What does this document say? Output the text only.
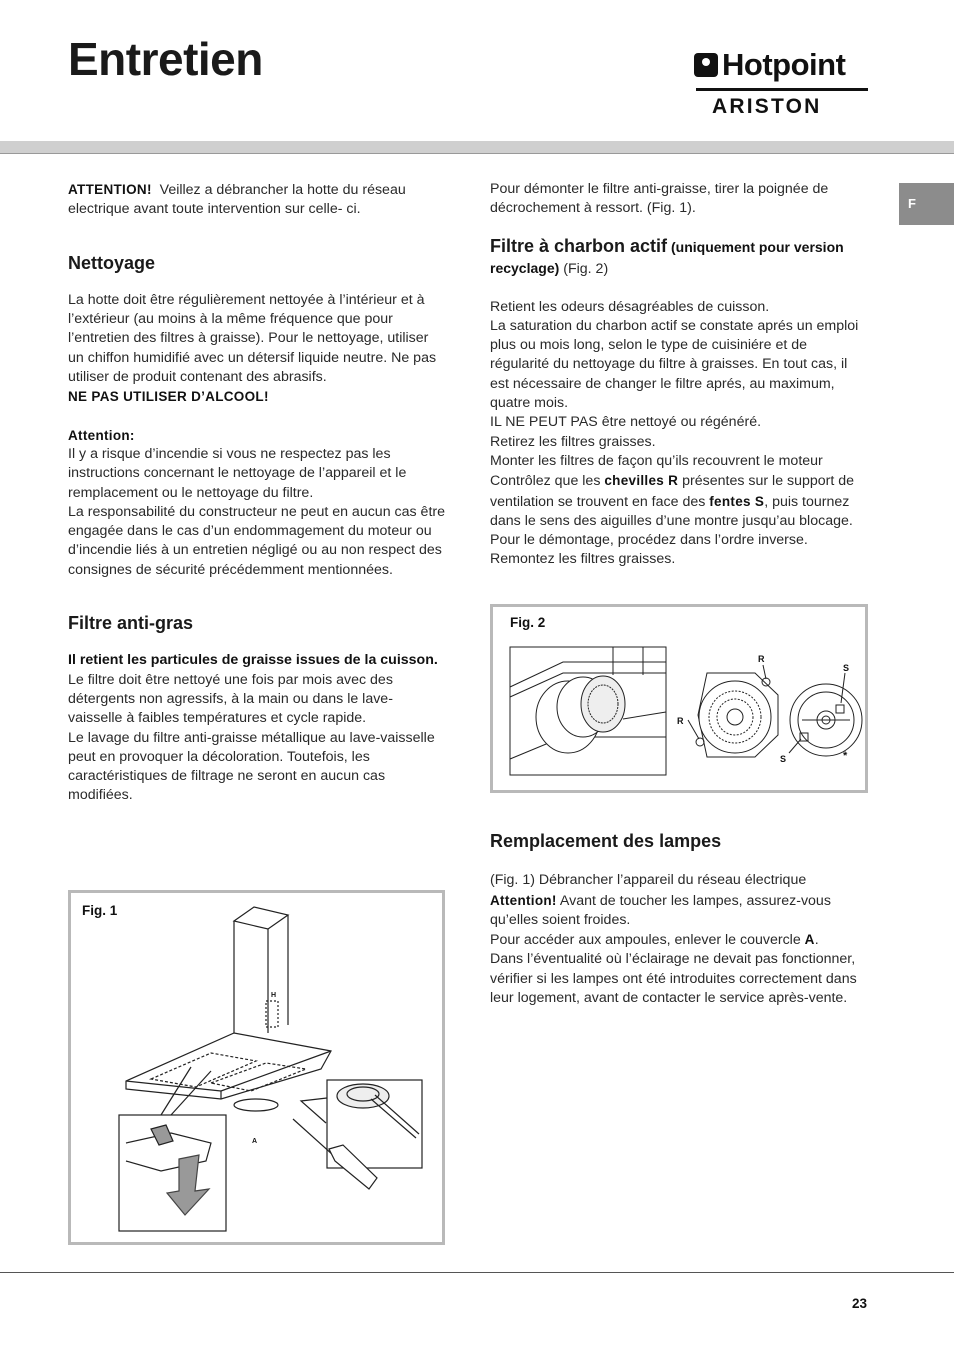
Entretien	Hotpoint
ARISTON
F

ATTENTION! Veillez a débrancher la hotte du réseau electrique avant toute intervention sur celle- ci.

Nettoyage

La hotte doit être régulièrement nettoyée à l’intérieur et à l’extérieur (au moins à la même fréquence que pour l’entretien des filtres à graisse). Pour le nettoyage, utiliser un chiffon humidifié avec un détersif liquide neutre. Ne pas utiliser de produit contenant des abrasifs.

NE PAS UTILISER D’ALCOOL!

Attention:

Il y a risque d’incendie si vous ne respectez pas les instructions concernant le nettoyage de l’appareil et le remplacement ou le nettoyage du filtre.

La responsabilité du constructeur ne peut en aucun cas être engagée dans le cas d’un endommagement du moteur ou d’incendie liés à un entretien négligé ou au non respect des consignes de sécurité précédemment mentionnées.

Filtre anti-gras

Il retient les particules de graisse issues de la cuisson.

Le filtre doit être nettoyé une fois par mois avec des détergents non agressifs, à la main ou dans le lave-vaisselle à faibles températures et cycle rapide.

Le lavage du filtre anti-graisse métallique au lave-vaisselle peut en provoquer la décoloration. Toutefois, les caractéristiques de filtrage ne seront en aucun cas modifiées.

Fig. 1
H
A

Pour démonter le filtre anti-graisse, tirer la poignée de décrochement à ressort. (Fig. 1).

Filtre à charbon actif (uniquement pour version recyclage) (Fig. 2)

Retient les odeurs désagréables de cuisson.

La saturation du charbon actif se constate aprés un emploi plus ou mois long, selon le type de cuisiniére et de régularité du nettoyage du filtre à graisses. En tout cas, il est nécessaire de changer le filtre aprés, au maximum, quatre mois.

IL NE PEUT PAS être nettoyé ou régénéré.

Retirez les filtres graisses.

Monter les filtres de façon qu’ils recouvrent le moteur

Contrôlez que les chevilles R présentes sur le support de ventilation se trouvent en face des fentes S, puis tournez dans le sens des aiguilles d’une montre jusqu’au blocage.

Pour le démontage, procédez dans l’ordre inverse.

Remontez les filtres graisses.

Fig. 2
R
R
S
S	*
Remplacement des lampes

(Fig. 1) Débrancher l’appareil du réseau électrique

Attention! Avant de toucher les lampes, assurez-vous qu’elles soient froides.

Pour accéder aux ampoules, enlever le couvercle A.

Dans l’éventualité où l’éclairage ne devait pas fonctionner, vérifier si les lampes ont été introduites correctement dans leur logement, avant de contacter le service après-vente.

23
